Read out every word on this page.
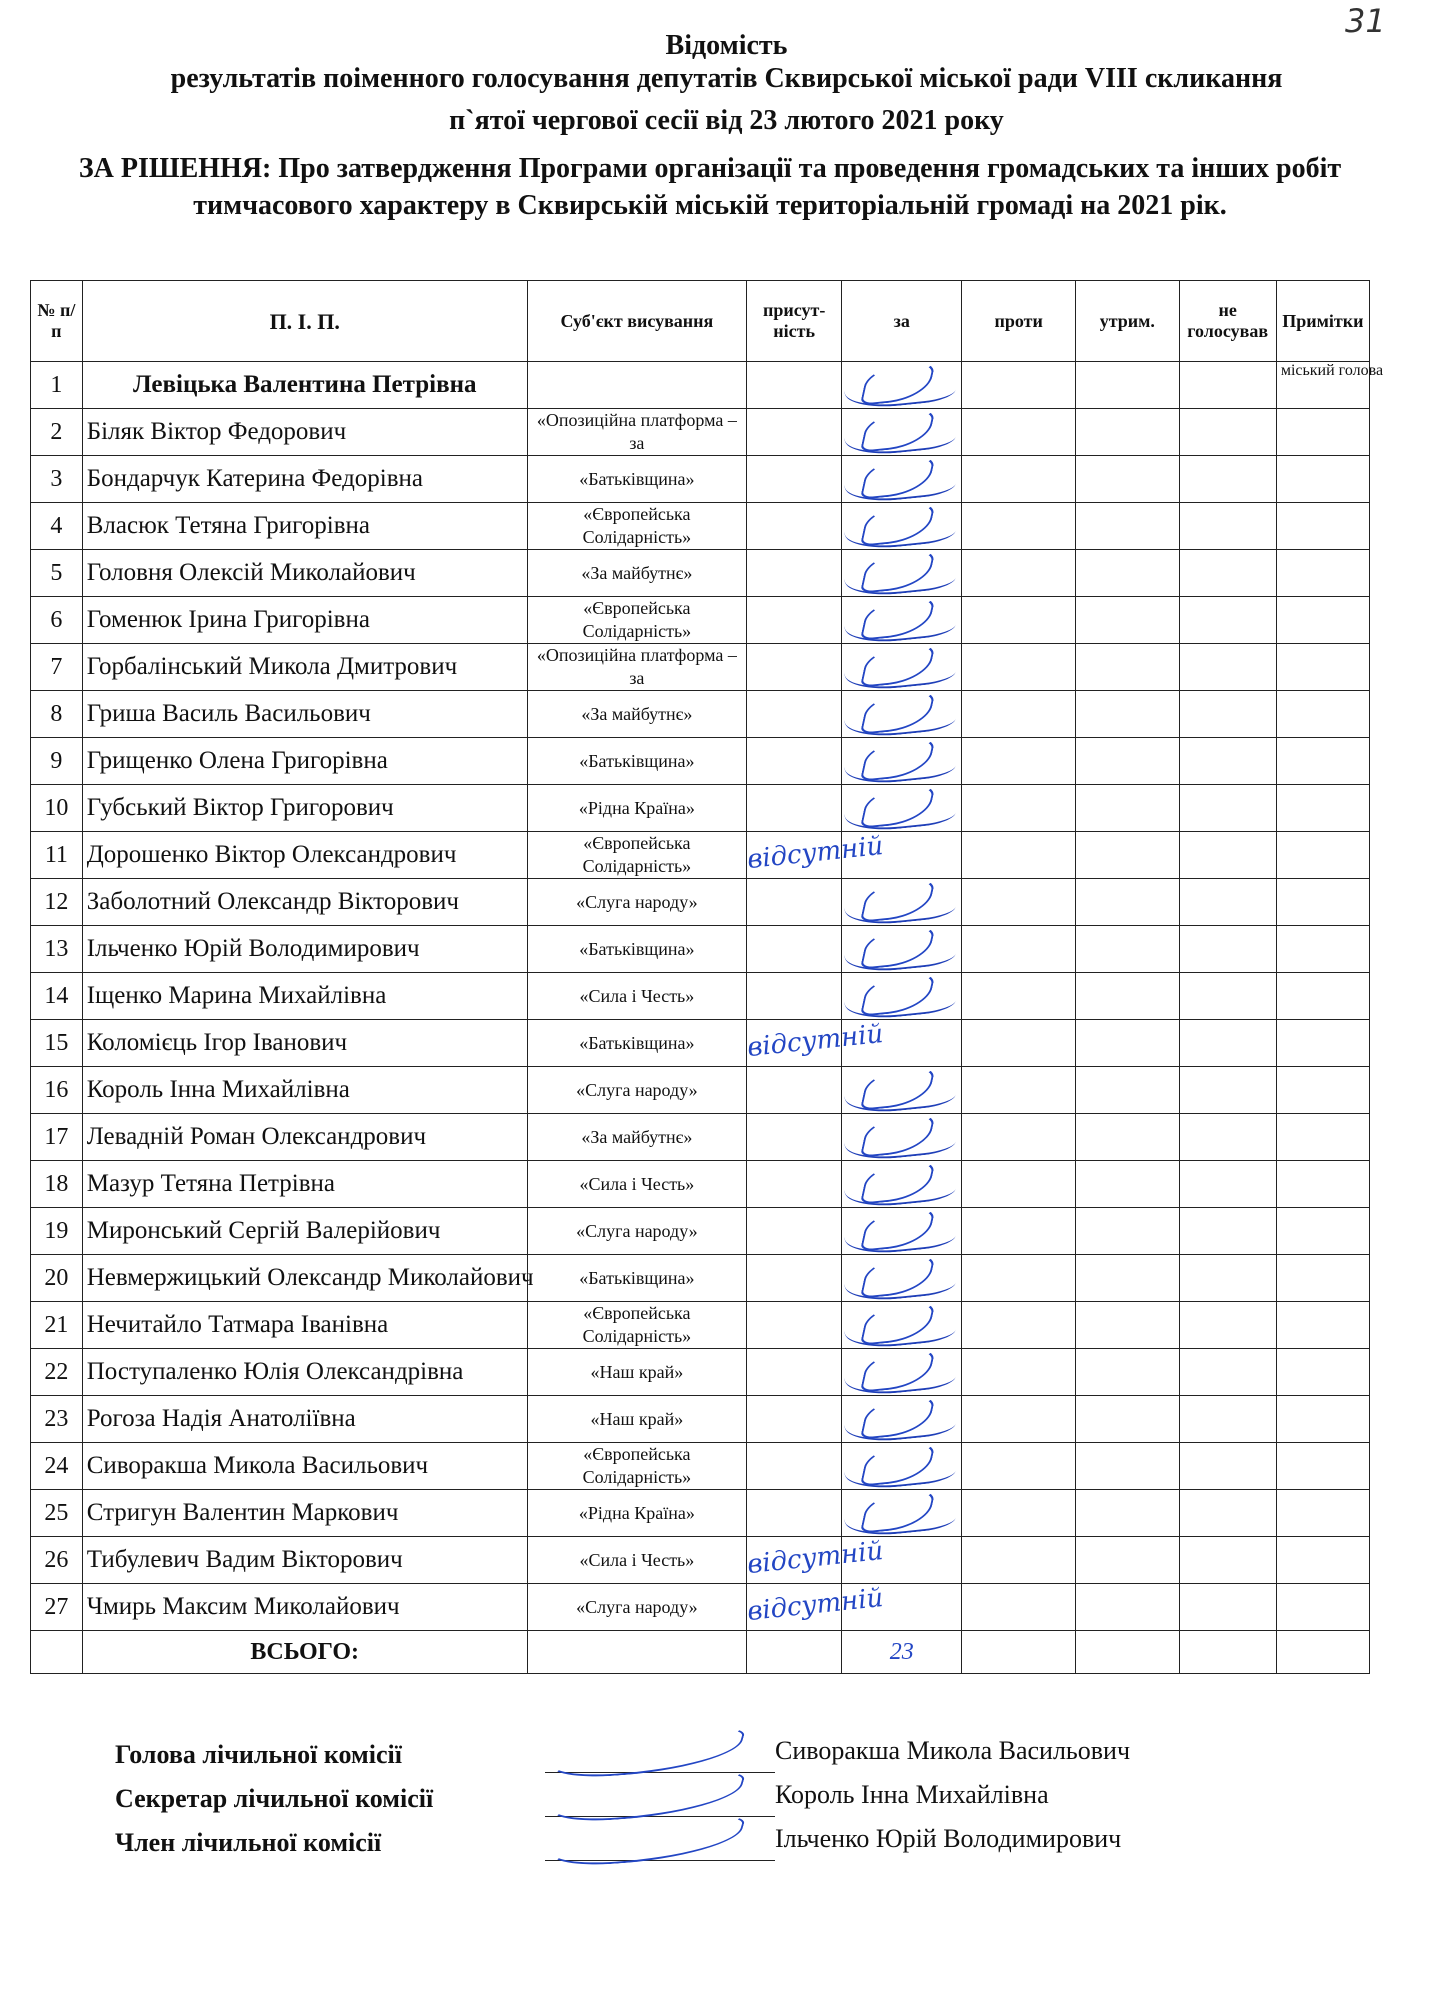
31
Відомість
результатів поіменного голосування депутатів Сквирської міської ради VIII скликання
п`ятої чергової сесії від 23 лютого 2021 року
ЗА РІШЕННЯ: Про затвердження Програми організації та проведення громадських та інших робіт тимчасового характеру в Сквирській міській територіальній громаді на 2021 рік.
№ п/п	П. І. П.	Суб'єкт висування	присут-ність	за	проти	утрим.	не голосував	Примітки
1	Левіцька Валентина Петрівна							міський голова
2	Біляк Віктор Федорович	«Опозиційна платформа – за		

3	Бондарчук Катерина Федорівна	«Батьківщина»		

4	Власюк Тетяна Григорівна	«Європейська Солідарність»		

5	Головня Олексій Миколайович	«За майбутнє»		

6	Гоменюк Ірина Григорівна	«Європейська Солідарність»		

7	Горбалінський Микола Дмитрович	«Опозиційна платформа – за		

8	Гриша Василь Васильович	«За майбутнє»		

9	Грищенко Олена Григорівна	«Батьківщина»		

10	Губський Віктор Григорович	«Рідна Країна»		

11	Дорошенко Віктор Олександрович	«Європейська Солідарність»	відсутній					

12	Заболотний Олександр Вікторович	«Слуга народу»		

13	Ільченко Юрій Володимирович	«Батьківщина»		

14	Іщенко Марина Михайлівна	«Сила і Честь»		

15	Коломієць Ігор Іванович	«Батьківщина»	відсутній					

16	Король Інна Михайлівна	«Слуга народу»		

17	Левадній Роман Олександрович	«За майбутнє»		

18	Мазур Тетяна Петрівна	«Сила і Честь»		

19	Миронський Сергій Валерійович	«Слуга народу»		

20	Невмержицький Олександр Миколайович	«Батьківщина»		

21	Нечитайло Татмара Іванівна	«Європейська Солідарність»		

22	Поступаленко Юлія Олександрівна	«Наш край»		

23	Рогоза Надія Анатоліївна	«Наш край»		

24	Сиворакша Микола Васильович	«Європейська Солідарність»		

25	Стригун Валентин Маркович	«Рідна Країна»		

26	Тибулевич Вадим Вікторович	«Сила і Честь»	відсутній					

27	Чмирь Максим Миколайович	«Слуга народу»	відсутній					

	ВСЬОГО:			23				
Голова лічильної комісії	Сиворакша Микола Васильович
Секретар лічильної комісії	Король Інна Михайлівна
Член лічильної комісії	Ільченко Юрій Володимирович
